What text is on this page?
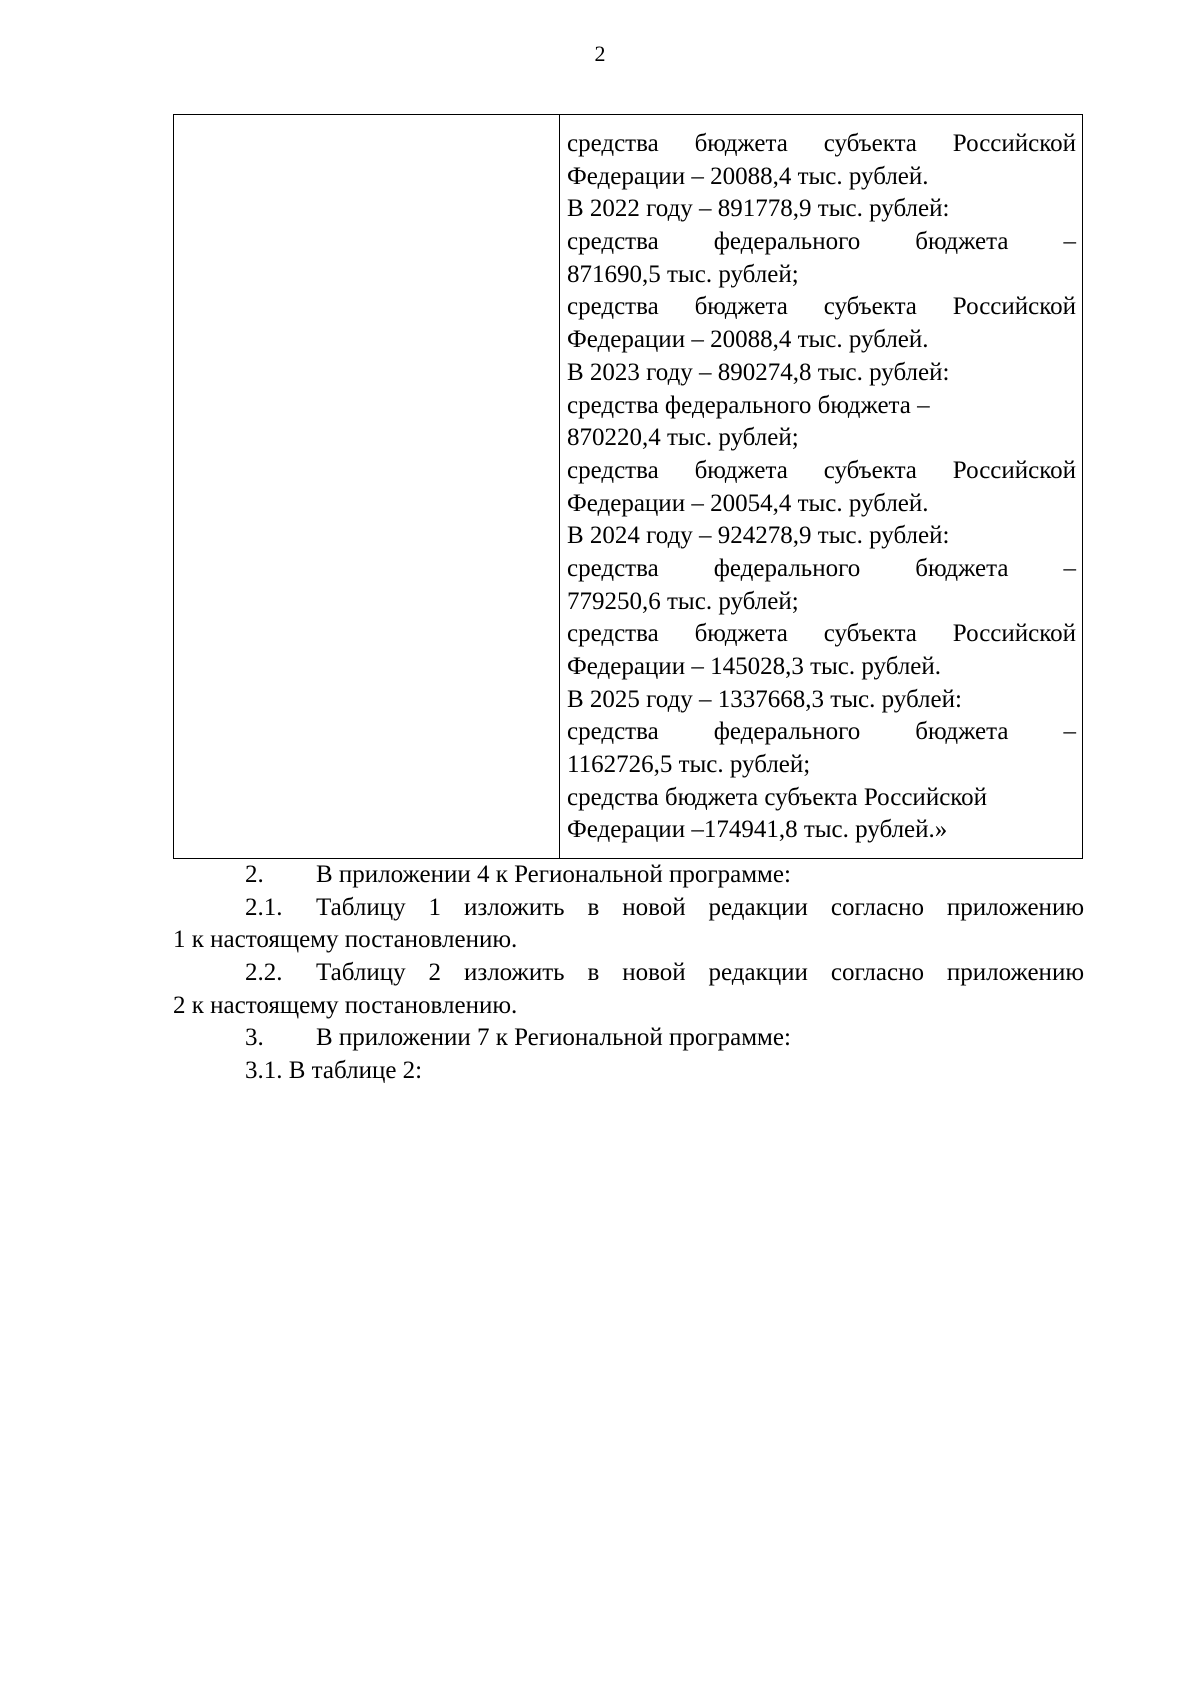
2
средства бюджета субъекта Российской
Федерации – 20088,4 тыс. рублей.
В 2022 году – 891778,9 тыс. рублей:
средства федерального бюджета –
871690,5 тыс. рублей;
средства бюджета субъекта Российской
Федерации – 20088,4 тыс. рублей.
В 2023 году – 890274,8 тыс. рублей:
средства федерального бюджета –
870220,4 тыс. рублей;
средства бюджета субъекта Российской
Федерации – 20054,4 тыс. рублей.
В 2024 году – 924278,9 тыс. рублей:
средства федерального бюджета –
779250,6 тыс. рублей;
средства бюджета субъекта Российской
Федерации – 145028,3 тыс. рублей.
В 2025 году – 1337668,3 тыс. рублей:
средства федерального бюджета –
1162726,5 тыс. рублей;
средства бюджета субъекта Российской
Федерации –174941,8 тыс. рублей.»
2. В приложении 4 к Региональной программе:
2.1. Таблицу 1 изложить в новой редакции согласно приложению
1 к настоящему постановлению.
2.2. Таблицу 2 изложить в новой редакции согласно приложению
2 к настоящему постановлению.
3. В приложении 7 к Региональной программе:
3.1. В таблице 2:
